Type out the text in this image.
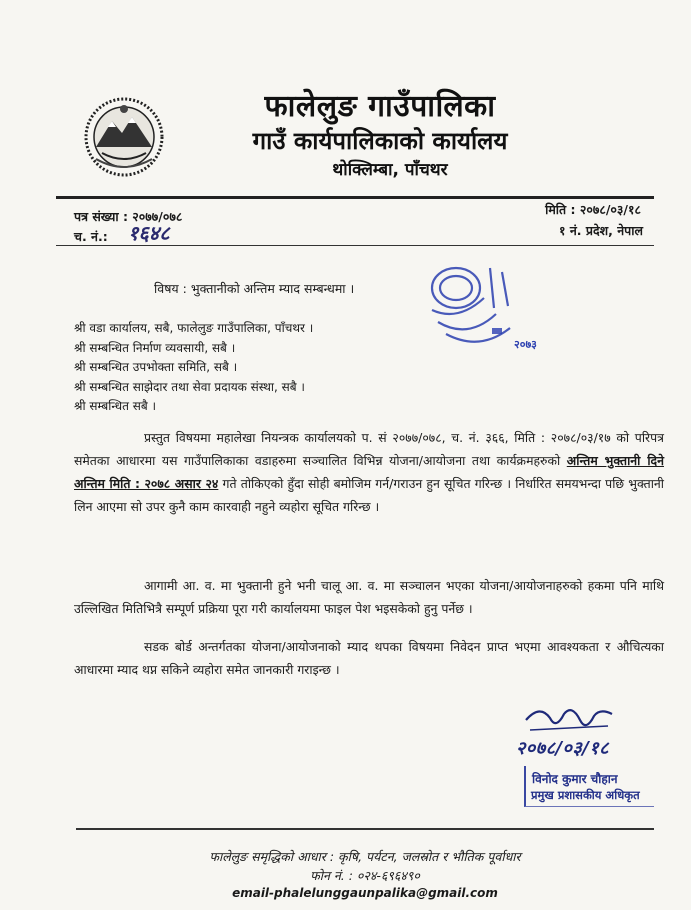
फालेलुङ गाउँपालिका
गाउँ कार्यपालिकाको कार्यालय
थोक्लिम्बा, पाँचथर
पत्र संख्या : २०७७/०७८
च. नं.: १६४८
मिति : २०७८/०३/१८
१ नं. प्रदेश, नेपाल
२०७३
विषय : भुक्तानीको अन्तिम म्याद सम्बन्धमा ।
श्री वडा कार्यालय, सबै, फालेलुङ गाउँपालिका, पाँचथर ।
श्री सम्बन्धित निर्माण व्यवसायी, सबै ।
श्री सम्बन्धित उपभोक्ता समिति, सबै ।
श्री सम्बन्धित साझेदार तथा सेवा प्रदायक संस्था, सबै ।
श्री सम्बन्धित सबै ।
प्रस्तुत विषयमा महालेखा नियन्त्रक कार्यालयको प. सं २०७७/०७८, च. नं. ३६६, मिति : २०७८/०३/१७ को परिपत्र समेतका आधारमा यस गाउँपालिकाका वडाहरुमा सञ्चालित विभिन्न योजना/आयोजना तथा कार्यक्रमहरुको अन्तिम भुक्तानी दिने अन्तिम मिति : २०७८ असार २४ गते तोकिएको हुँदा सोही बमोजिम गर्न/गराउन हुन सूचित गरिन्छ । निर्धारित समयभन्दा पछि भुक्तानी लिन आएमा सो उपर कुनै काम कारवाही नहुने व्यहोरा सूचित गरिन्छ ।
आगामी आ. व. मा भुक्तानी हुने भनी चालू आ. व. मा सञ्चालन भएका योजना/आयोजनाहरुको हकमा पनि माथि उल्लिखित मितिभित्रै सम्पूर्ण प्रक्रिया पूरा गरी कार्यालयमा फाइल पेश भइसकेको हुनु पर्नेछ ।
सडक बोर्ड अन्तर्गतका योजना/आयोजनाको म्याद थपका विषयमा निवेदन प्राप्त भएमा आवश्यकता र औचित्यका आधारमा म्याद थप्न सकिने व्यहोरा समेत जानकारी गराइन्छ ।
२०७८/०३/१८
विनोद कुमार चौहान
प्रमुख प्रशासकीय अधिकृत
फालेलुङ समृद्धिको आधार : कृषि, पर्यटन, जलस्रोत र भौतिक पूर्वाधार
फोन नं. : ०२४-६९६४९०
email-phalelunggaunpalika@gmail.com
